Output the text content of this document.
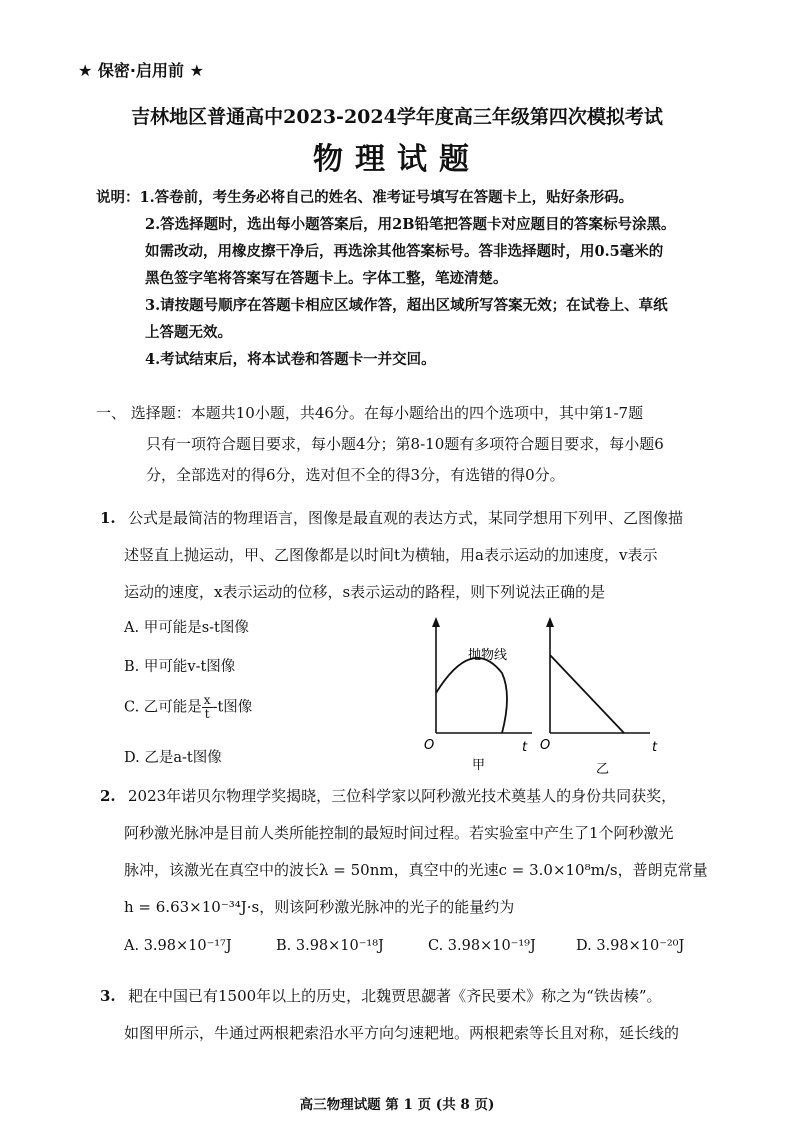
★ 保密·启用前 ★
吉林地区普通高中2023-2024学年度高三年级第四次模拟考试
物理试题
说明：1.答卷前，考生务必将自己的姓名、准考证号填写在答题卡上，贴好条形码。
2.答选择题时，选出每小题答案后，用2B铅笔把答题卡对应题目的答案标号涂黑。
如需改动，用橡皮擦干净后，再选涂其他答案标号。答非选择题时，用0.5毫米的
黑色签字笔将答案写在答题卡上。字体工整，笔迹清楚。
3.请按题号顺序在答题卡相应区域作答，超出区域所写答案无效；在试卷上、草纸
上答题无效。
4.考试结束后，将本试卷和答题卡一并交回。
一、 选择题：本题共10小题，共46分。在每小题给出的四个选项中，其中第1-7题
只有一项符合题目要求，每小题4分；第8-10题有多项符合题目要求，每小题6
分，全部选对的得6分，选对但不全的得3分，有选错的得0分。
1. 公式是最简洁的物理语言，图像是最直观的表达方式，某同学想用下列甲、乙图像描
述竖直上抛运动，甲、乙图像都是以时间t为横轴，用a表示运动的加速度，v表示
运动的速度，x表示运动的位移，s表示运动的路程，则下列说法正确的是
A. 甲可能是s-t图像
B. 甲可能v-t图像
C. 乙可能是 $\frac{x}{t} -t$图像
D. 乙是a-t图像
抛物线
O	t
甲
O	t
乙
2. 2023年诺贝尔物理学奖揭晓，三位科学家以阿秒激光技术奠基人的身份共同获奖，
阿秒激光脉冲是目前人类所能控制的最短时间过程。若实验室中产生了1个阿秒激光
脉冲，该激光在真空中的波长λ = 50nm，真空中的光速c = 3.0×10⁸m/s，普朗克常量
h = 6.63×10⁻³⁴J·s，则该阿秒激光脉冲的光子的能量约为
A. 3.98×10⁻¹⁷J	B. 3.98×10⁻¹⁸J	C. 3.98×10⁻¹⁹J	D. 3.98×10⁻²⁰J
3. 耙在中国已有1500年以上的历史，北魏贾思勰著《齐民要术》称之为“铁齿楱”。
如图甲所示，牛通过两根耙索沿水平方向匀速耙地。两根耙索等长且对称，延长线的
高三物理试题 第 1 页 (共 8 页)
